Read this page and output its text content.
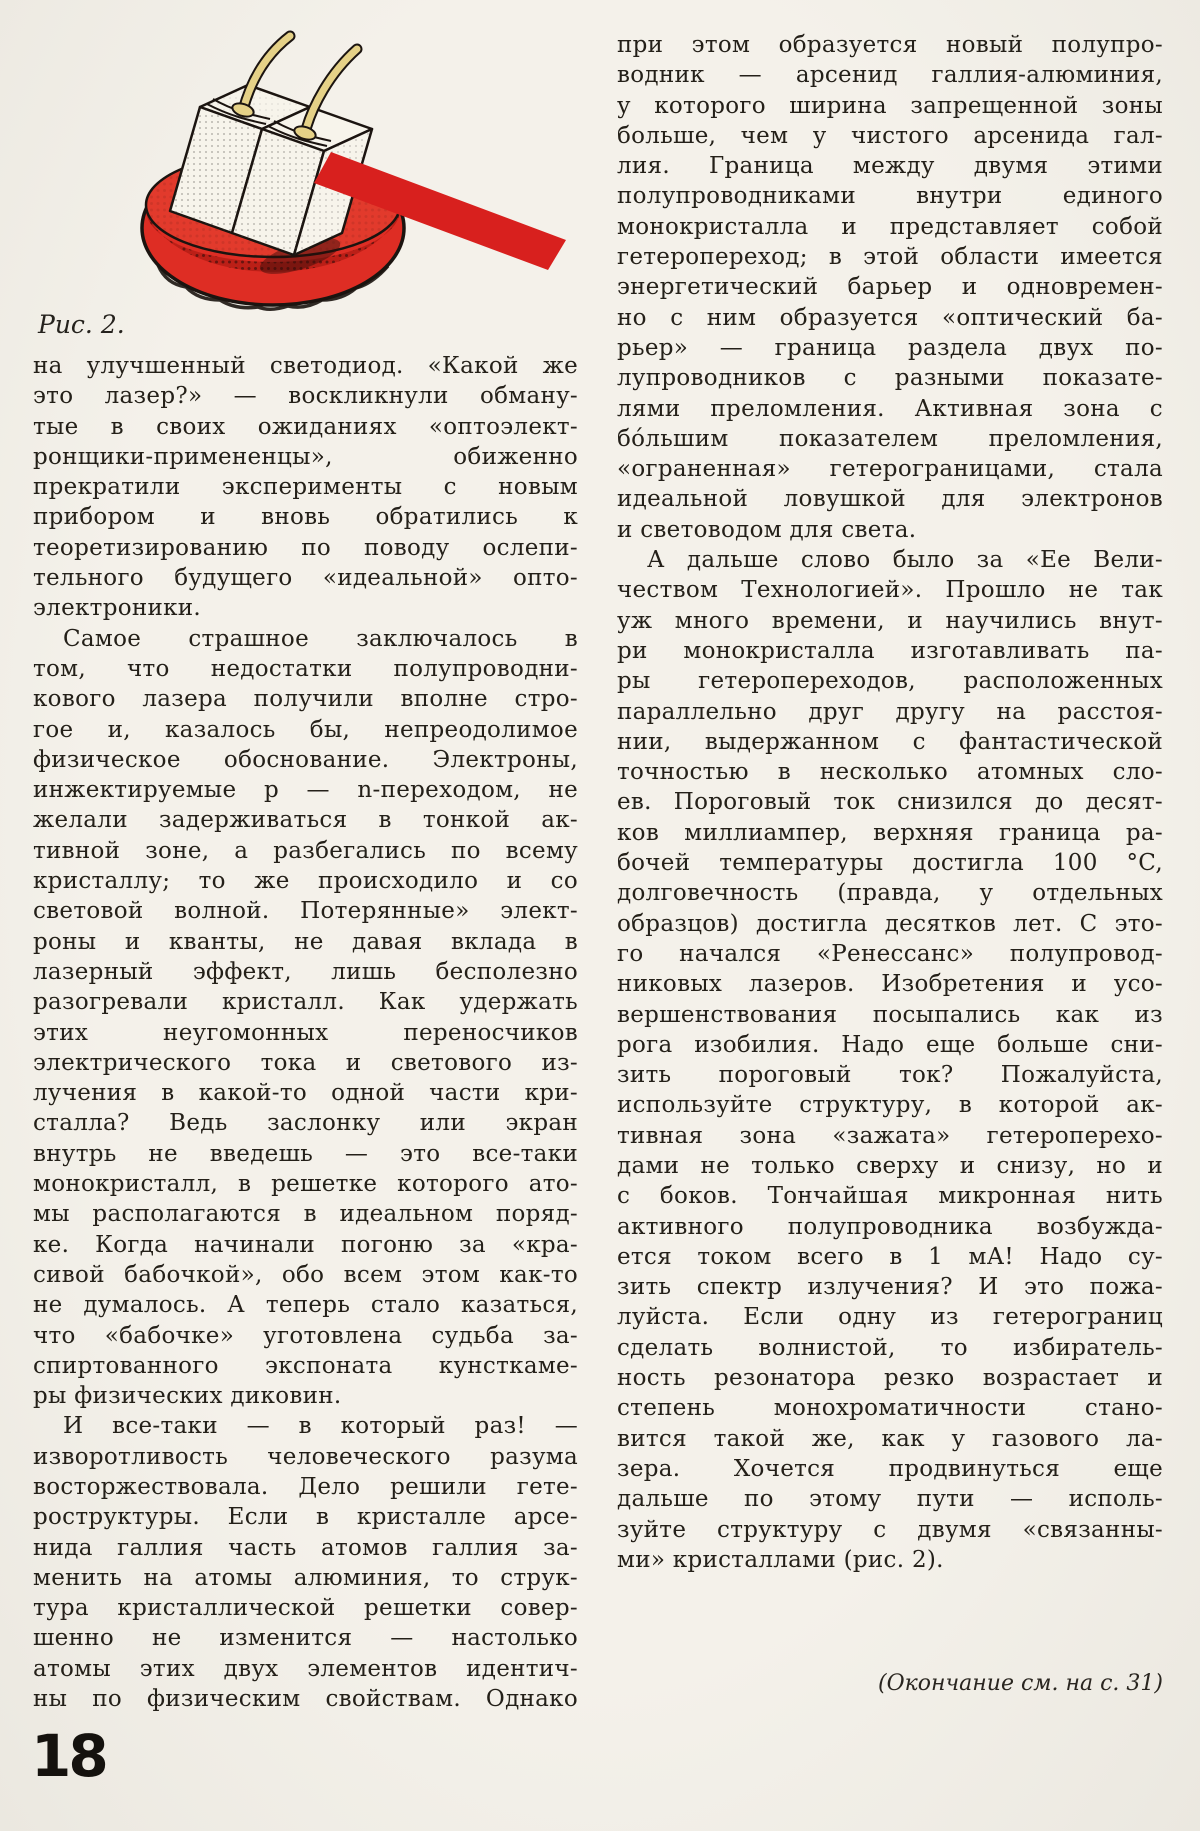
Рис. 2.
на улучшенный светодиод. «Какой же
это лазер?» — воскликнули обману-
тые в своих ожиданиях «оптоэлект-
ронщики-примененцы», обиженно
прекратили эксперименты с новым
прибором и вновь обратились к
теоретизированию по поводу ослепи-
тельного будущего «идеальной» опто-
электроники.
Самое страшное заключалось в
том, что недостатки полупроводни-
кового лазера получили вполне стро-
гое и, казалось бы, непреодолимое
физическое обоснование. Электроны,
инжектируемые p — n-переходом, не
желали задерживаться в тонкой ак-
тивной зоне, а разбегались по всему
кристаллу; то же происходило и со
световой волной. Потерянные» элект-
роны и кванты, не давая вклада в
лазерный эффект, лишь бесполезно
разогревали кристалл. Как удержать
этих неугомонных переносчиков
электрического тока и светового из-
лучения в какой-то одной части кри-
сталла? Ведь заслонку или экран
внутрь не введешь — это все-таки
монокристалл, в решетке которого ато-
мы располагаются в идеальном поряд-
ке. Когда начинали погоню за «кра-
сивой бабочкой», обо всем этом как-то
не думалось. А теперь стало казаться,
что «бабочке» уготовлена судьба за-
спиртованного экспоната кунсткаме-
ры физических диковин.
И все-таки — в который раз! —
изворотливость человеческого разума
восторжествовала. Дело решили гете-
роструктуры. Если в кристалле арсе-
нида галлия часть атомов галлия за-
менить на атомы алюминия, то струк-
тура кристаллической решетки совер-
шенно не изменится — настолько
атомы этих двух элементов идентич-
ны по физическим свойствам. Однако
при этом образуется новый полупро-
водник — арсенид галлия-алюминия,
у которого ширина запрещенной зоны
больше, чем у чистого арсенида гал-
лия. Граница между двумя этими
полупроводниками внутри единого
монокристалла и представляет собой
гетеропереход; в этой области имеется
энергетический барьер и одновремен-
но с ним образуется «оптический ба-
рьер» — граница раздела двух по-
лупроводников с разными показате-
лями преломления. Активная зона с
бо́льшим показателем преломления,
«ограненная» гетерограницами, стала
идеальной ловушкой для электронов
и световодом для света.
А дальше слово было за «Ее Вели-
чеством Технологией». Прошло не так
уж много времени, и научились внут-
ри монокристалла изготавливать па-
ры гетеропереходов, расположенных
параллельно друг другу на расстоя-
нии, выдержанном с фантастической
точностью в несколько атомных сло-
ев. Пороговый ток снизился до десят-
ков миллиампер, верхняя граница ра-
бочей температуры достигла 100 °C,
долговечность (правда, у отдельных
образцов) достигла десятков лет. С это-
го начался «Ренессанс» полупровод-
никовых лазеров. Изобретения и усо-
вершенствования посыпались как из
рога изобилия. Надо еще больше сни-
зить пороговый ток? Пожалуйста,
используйте структуру, в которой ак-
тивная зона «зажата» гетероперехо-
дами не только сверху и снизу, но и
с боков. Тончайшая микронная нить
активного полупроводника возбужда-
ется током всего в 1 мА! Надо су-
зить спектр излучения? И это пожа-
луйста. Если одну из гетерограниц
сделать волнистой, то избиратель-
ность резонатора резко возрастает и
степень монохроматичности стано-
вится такой же, как у газового ла-
зера. Хочется продвинуться еще
дальше по этому пути — исполь-
зуйте структуру с двумя «связанны-
ми» кристаллами (рис. 2).
(Окончание см. на с. 31)
18
